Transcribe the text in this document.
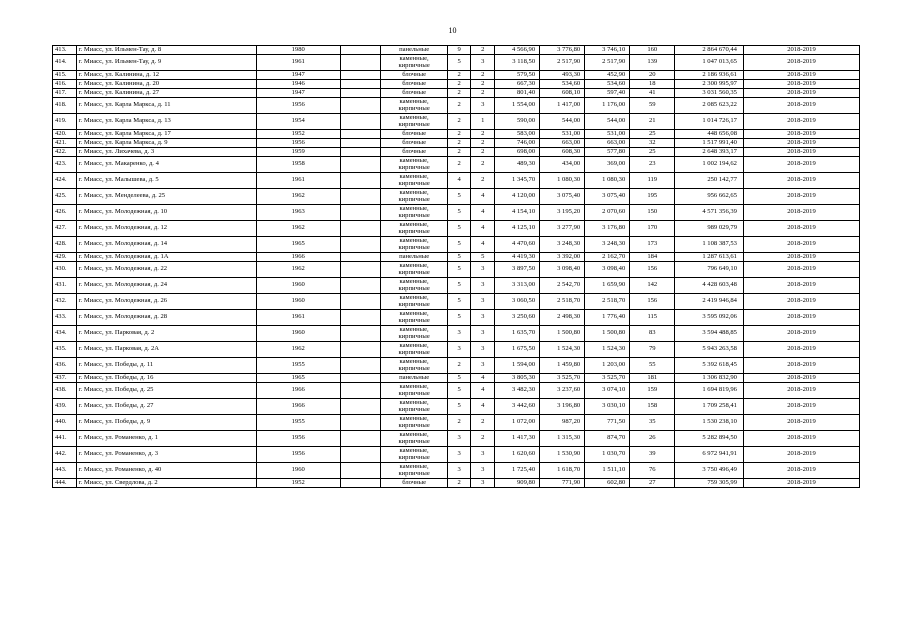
10
413.	г. Миасс, ул. Ильмен-Тау, д. 8	1980		панельные	9	2	4 566,90	3 776,80	3 746,10	160	2 864 670,44	2018-2019
414.	г. Миасс, ул. Ильмен-Тау, д. 9	1961		каменные, кирпичные	5	3	3 118,50	2 517,90	2 517,90	139	1 047 013,65	2018-2019
415.	г. Миасс, ул. Калинина, д. 12	1947		блочные	2	2	579,50	493,30	452,90	20	2 186 936,61	2018-2019
416.	г. Миасс, ул. Калинина, д. 20	1946		блочные	2	2	667,30	534,60	534,60	18	2 300 995,97	2018-2019
417.	г. Миасс, ул. Калинина, д. 27	1947		блочные	2	2	801,40	608,10	597,40	41	3 031 560,35	2018-2019
418.	г. Миасс, ул. Карла Маркса, д. 11	1956		каменные, кирпичные	2	3	1 554,00	1 417,00	1 176,00	59	2 085 623,22	2018-2019
419.	г. Миасс, ул. Карла Маркса, д. 13	1954		каменные, кирпичные	2	1	590,00	544,00	544,00	21	1 014 726,17	2018-2019
420.	г. Миасс, ул. Карла Маркса, д. 17	1952		блочные	2	2	583,00	531,00	531,00	25	448 656,08	2018-2019
421.	г. Миасс, ул. Карла Маркса, д. 9	1956		блочные	2	2	746,00	663,00	663,00	32	1 517 991,40	2018-2019
422.	г. Миасс, ул. Лихачева, д. 3	1959		блочные	2	2	698,00	608,30	577,80	25	2 648 393,17	2018-2019
423.	г. Миасс, ул. Макаренко, д. 4	1958		каменные, кирпичные	2	2	489,30	434,00	369,00	23	1 002 194,62	2018-2019
424.	г. Миасс, ул. Малышева, д. 5	1961		каменные, кирпичные	4	2	1 345,70	1 080,30	1 080,30	119	250 142,77	2018-2019
425.	г. Миасс, ул. Менделеева, д. 25	1962		каменные, кирпичные	5	4	4 120,00	3 075,40	3 075,40	195	956 662,65	2018-2019
426.	г. Миасс, ул. Молодежная, д. 10	1963		каменные, кирпичные	5	4	4 154,10	3 195,20	2 070,60	150	4 571 356,39	2018-2019
427.	г. Миасс, ул. Молодежная, д. 12	1962		каменные, кирпичные	5	4	4 125,10	3 277,90	3 176,80	170	989 029,79	2018-2019
428.	г. Миасс, ул. Молодежная, д. 14	1965		каменные, кирпичные	5	4	4 470,60	3 248,30	3 248,30	173	1 108 387,53	2018-2019
429.	г. Миасс, ул. Молодежная, д. 1А	1966		панельные	5	5	4 419,30	3 392,00	2 162,70	184	1 287 613,61	2018-2019
430.	г. Миасс, ул. Молодежная, д. 22	1962		каменные, кирпичные	5	3	3 897,50	3 098,40	3 098,40	156	796 649,10	2018-2019
431.	г. Миасс, ул. Молодежная, д. 24	1960		каменные, кирпичные	5	3	3 313,00	2 542,70	1 659,90	142	4 428 603,48	2018-2019
432.	г. Миасс, ул. Молодежная, д. 26	1960		каменные, кирпичные	5	3	3 060,50	2 518,70	2 518,70	156	2 419 946,84	2018-2019
433.	г. Миасс, ул. Молодежная, д. 28	1961		каменные, кирпичные	5	3	3 250,60	2 498,30	1 776,40	115	3 595 092,06	2018-2019
434.	г. Миасс, ул. Парковая, д. 2	1960		каменные, кирпичные	3	3	1 635,70	1 500,80	1 500,80	83	3 594 488,85	2018-2019
435.	г. Миасс, ул. Парковая, д. 2А	1962		каменные, кирпичные	3	3	1 675,50	1 524,30	1 524,30	79	5 943 263,58	2018-2019
436.	г. Миасс, ул. Победы, д. 11	1955		каменные, кирпичные	2	3	1 594,00	1 459,80	1 203,00	55	5 392 618,45	2018-2019
437.	г. Миасс, ул. Победы, д. 16	1965		панельные	5	4	3 805,30	3 525,70	3 525,70	181	1 306 832,90	2018-2019
438.	г. Миасс, ул. Победы, д. 25	1966		каменные, кирпичные	5	4	3 482,30	3 237,60	3 074,10	159	1 694 819,96	2018-2019
439.	г. Миасс, ул. Победы, д. 27	1966		каменные, кирпичные	5	4	3 442,60	3 196,80	3 030,10	158	1 709 258,41	2018-2019
440.	г. Миасс, ул. Победы, д. 9	1955		каменные, кирпичные	2	2	1 072,00	987,20	771,50	35	1 530 238,10	2018-2019
441.	г. Миасс, ул. Романенко, д. 1	1956		каменные, кирпичные	3	2	1 417,30	1 315,30	874,70	26	5 282 894,50	2018-2019
442.	г. Миасс, ул. Романенко, д. 3	1956		каменные, кирпичные	3	3	1 620,60	1 530,90	1 030,70	39	6 972 941,91	2018-2019
443.	г. Миасс, ул. Романенко, д. 40	1960		каменные, кирпичные	3	3	1 725,40	1 618,70	1 511,10	76	3 750 496,49	2018-2019
444.	г. Миасс, ул. Свердлова, д. 2	1952		блочные	2	3	909,80	771,90	602,80	27	759 305,99	2018-2019
